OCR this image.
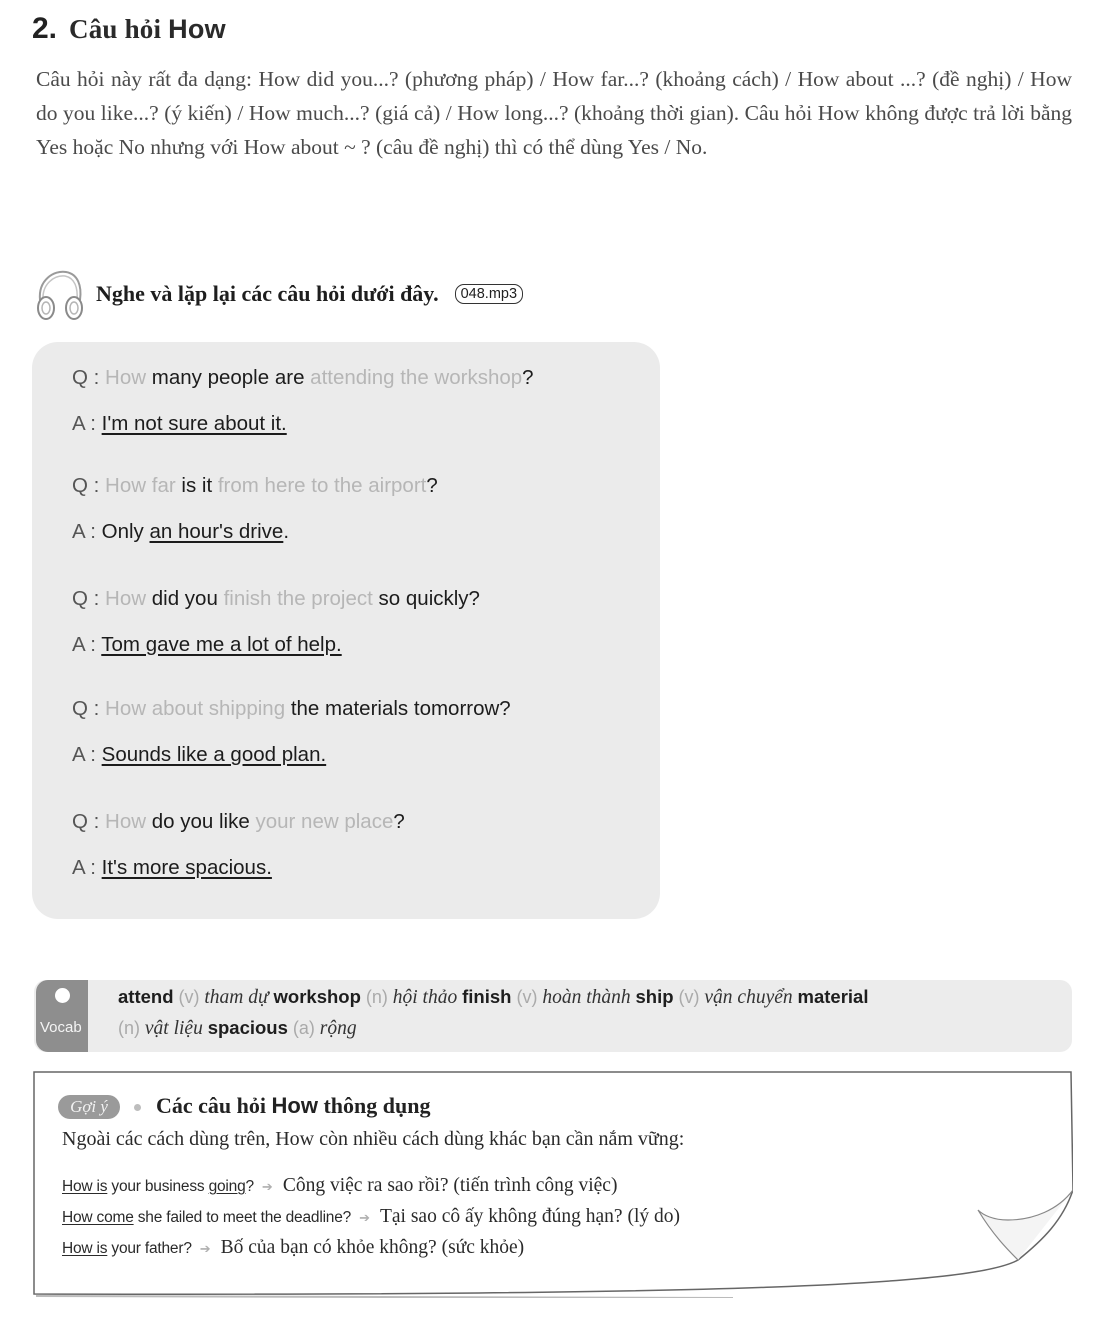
2. Câu hỏi How
Câu hỏi này rất đa dạng: How did you...? (phương pháp) / How far...? (khoảng cách) / How about ...? (đề nghị) / How do you like...? (ý kiến) / How much...? (giá cả) / How long...? (khoảng thời gian). Câu hỏi How không được trả lời bằng Yes hoặc No nhưng với How about ~ ? (câu đề nghị) thì có thể dùng Yes / No.
Nghe và lặp lại các câu hỏi dưới đây.	048.mp3
Q : How many people are attending the workshop?
A : I'm not sure about it.
Q : How far is it from here to the airport?
A : Only an hour's drive.
Q : How did you finish the project so quickly?
A : Tom gave me a lot of help.
Q : How about shipping the materials tomorrow?
A : Sounds like a good plan.
Q : How do you like your new place?
A : It's more spacious.
Vocab
attend (v) tham dự workshop (n) hội thảo finish (v) hoàn thành ship (v) vận chuyển material
(n) vật liệu spacious (a) rộng
Gợi ý	Các câu hỏi How thông dụng
Ngoài các cách dùng trên, How còn nhiều cách dùng khác bạn cần nắm vững:
How is your business going? ➔ Công việc ra sao rồi? (tiến trình công việc)
How come she failed to meet the deadline? ➔ Tại sao cô ấy không đúng hạn? (lý do)
How is your father? ➔ Bố của bạn có khỏe không? (sức khỏe)
